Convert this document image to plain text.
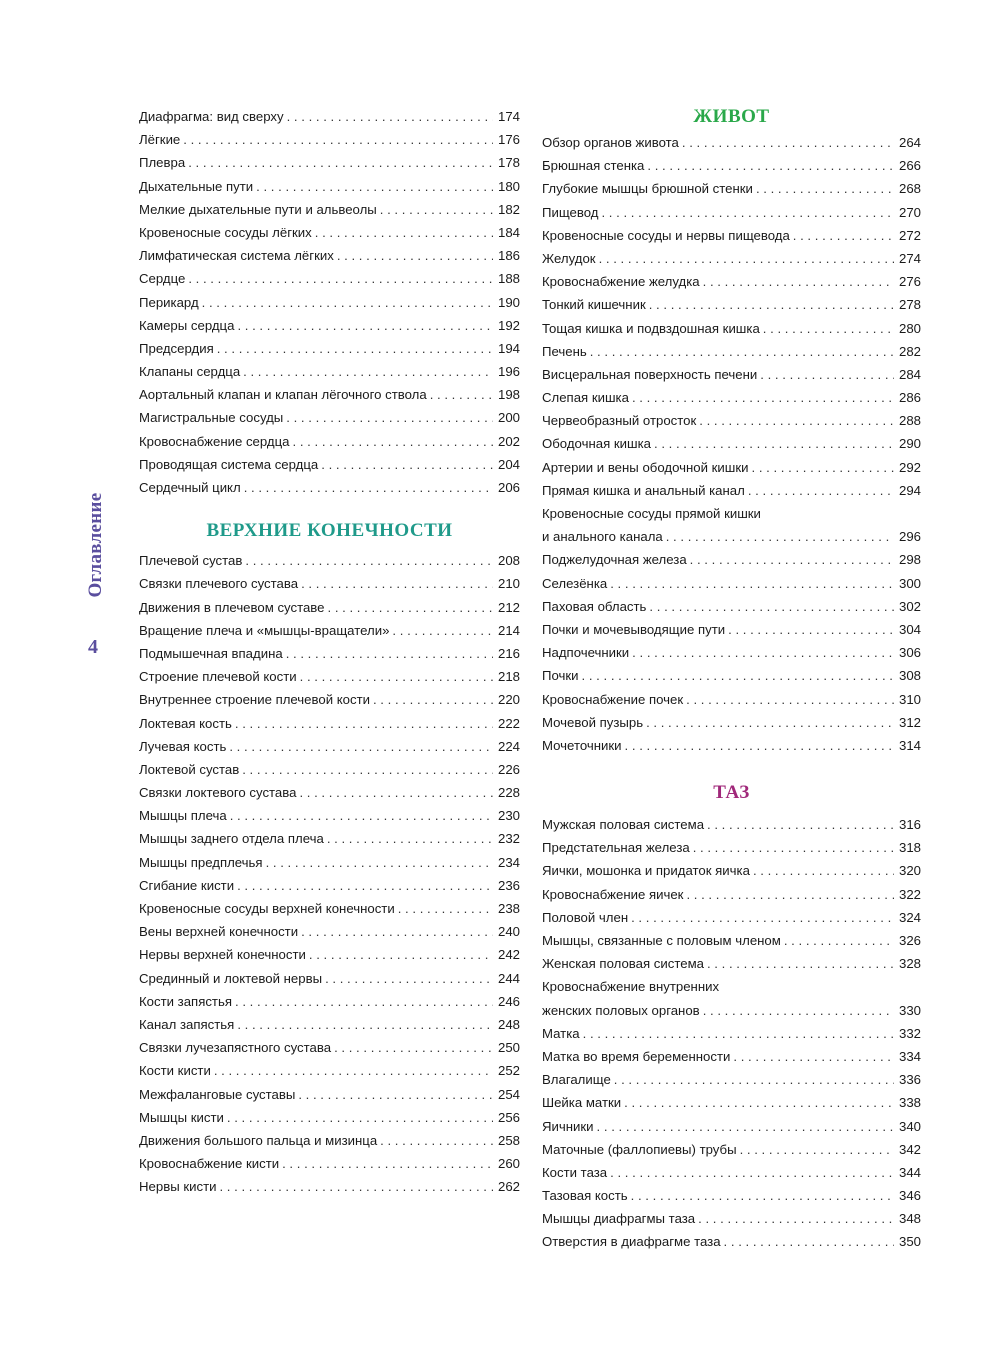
Оглавление
4
Диафрагма: вид сверху . . .	174
Лёгкие . . .	176
Плевра . . .	178
Дыхательные пути . . .	180
Мелкие дыхательные пути и альвеолы . . .	182
Кровеносные сосуды лёгких . . .	184
Лимфатическая система лёгких . . .	186
Сердце . . .	188
Перикард . . .	190
Камеры сердца . . .	192
Предсердия . . .	194
Клапаны сердца . . .	196
Аортальный клапан и клапан лёгочного ствола . . .	198
Магистральные сосуды . . .	200
Кровоснабжение сердца . . .	202
Проводящая система сердца . . .	204
Сердечный цикл . . .	206
ВЕРХНИЕ КОНЕЧНОСТИ
Плечевой сустав . . .	208
Связки плечевого сустава . . .	210
Движения в плечевом суставе . . .	212
Вращение плеча и «мышцы-вращатели» . . .	214
Подмышечная впадина . . .	216
Строение плечевой кости . . .	218
Внутреннее строение плечевой кости . . .	220
Локтевая кость . . .	222
Лучевая кость . . .	224
Локтевой сустав . . .	226
Связки локтевого сустава . . .	228
Мышцы плеча . . .	230
Мышцы заднего отдела плеча . . .	232
Мышцы предплечья . . .	234
Сгибание кисти . . .	236
Кровеносные сосуды верхней конечности . . .	238
Вены верхней конечности . . .	240
Нервы верхней конечности . . .	242
Срединный и локтевой нервы . . .	244
Кости запястья . . .	246
Канал запястья . . .	248
Связки лучезапястного сустава . . .	250
Кости кисти . . .	252
Межфаланговые суставы . . .	254
Мышцы кисти . . .	256
Движения большого пальца и мизинца . . .	258
Кровоснабжение кисти . . .	260
Нервы кисти . . .	262
ЖИВОТ
Обзор органов живота . . .	264
Брюшная стенка . . .	266
Глубокие мышцы брюшной стенки . . .	268
Пищевод . . .	270
Кровеносные сосуды и нервы пищевода . . .	272
Желудок . . .	274
Кровоснабжение желудка . . .	276
Тонкий кишечник . . .	278
Тощая кишка и подвздошная кишка . . .	280
Печень . . .	282
Висцеральная поверхность печени . . .	284
Слепая кишка . . .	286
Червеобразный отросток . . .	288
Ободочная кишка . . .	290
Артерии и вены ободочной кишки . . .	292
Прямая кишка и анальный канал . . .	294
Кровеносные сосуды прямой кишки
и анального канала . . .	296
Поджелудочная железа . . .	298
Селезёнка . . .	300
Паховая область . . .	302
Почки и мочевыводящие пути . . .	304
Надпочечники . . .	306
Почки . . .	308
Кровоснабжение почек . . .	310
Мочевой пузырь . . .	312
Мочеточники . . .	314
ТАЗ
Мужская половая система . . .	316
Предстательная железа . . .	318
Яички, мошонка и придаток яичка . . .	320
Кровоснабжение яичек . . .	322
Половой член . . .	324
Мышцы, связанные с половым членом . . .	326
Женская половая система . . .	328
Кровоснабжение внутренних
женских половых органов . . .	330
Матка . . .	332
Матка во время беременности . . .	334
Влагалище . . .	336
Шейка матки . . .	338
Яичники . . .	340
Маточные (фаллопиевы) трубы . . .	342
Кости таза . . .	344
Тазовая кость . . .	346
Мышцы диафрагмы таза . . .	348
Отверстия в диафрагме таза . . .	350
